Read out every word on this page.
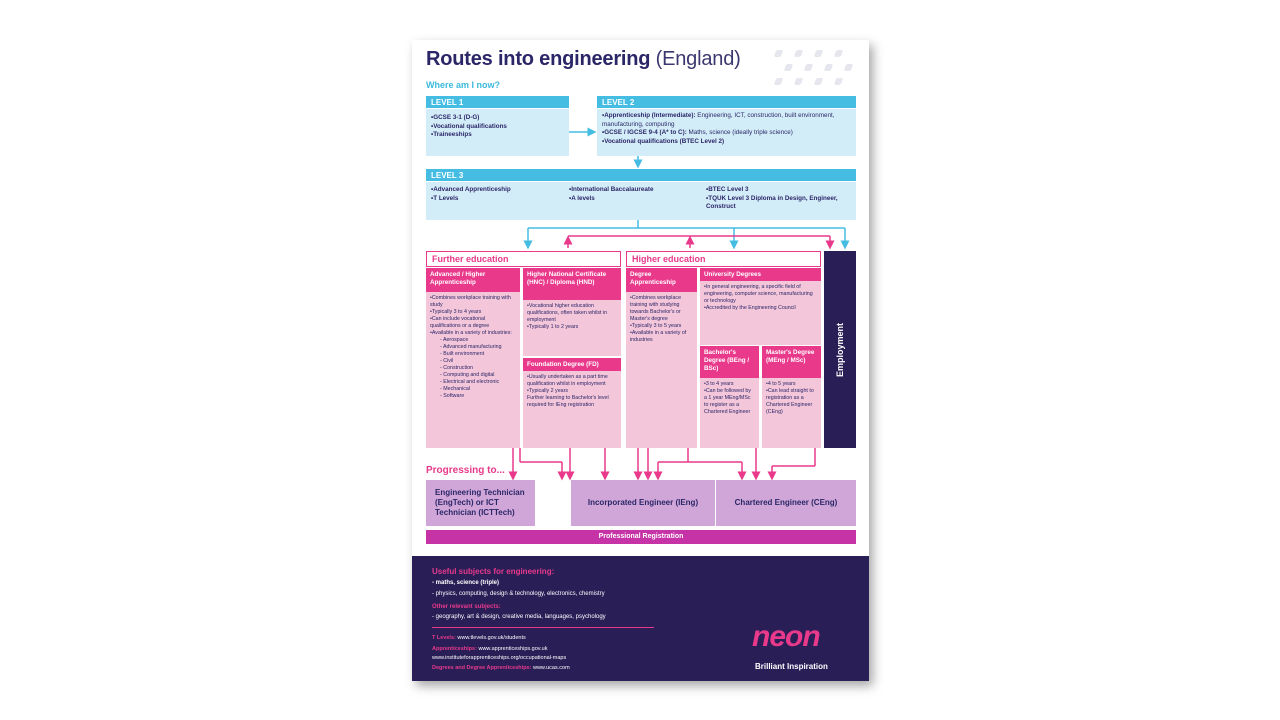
Routes into engineering (England)
Where am I now?
LEVEL 1
• GCSE 3-1 (D-G)
• Vocational qualifications
• Traineeships
LEVEL 2
• Apprenticeship (Intermediate): Engineering, ICT, construction, built environment, manufacturing, computing
• GCSE / IGCSE 9-4 (A* to C): Maths, science (ideally triple science)
• Vocational qualifications (BTEC Level 2)
LEVEL 3
• Advanced Apprenticeship
• T Levels
• International Baccalaureate
• A levels
• BTEC Level 3
• TQUK Level 3 Diploma in Design, Engineer, Construct
Further education
Advanced / Higher Apprenticeship
• Combines workplace training with study
• Typically 3 to 4 years
• Can include vocational qualifications or a degree
• Available in a variety of industries:
- Aerospace
- Advanced manufacturing
- Built environment
- Civil
- Construction
- Computing and digital
- Electrical and electronic
- Mechanical
- Software
Higher National Certificate (HNC) / Diploma (HND)
• Vocational higher education qualifications, often taken whilst in employment
• Typically 1 to 2 years
Foundation Degree (FD)
• Usually undertaken as a part time qualification whilst in employment
• Typically 2 years
Further learning to Bachelor's level required for IEng registration
Higher education
Degree Apprenticeship
• Combines workplace training with studying towards Bachelor's or Master's degree
• Typically 3 to 5 years
• Available in a variety of industries
University Degrees
• In general engineering, a specific field of engineering, computer science, manufacturing or technology
• Accredited by the Engineering Council
Bachelor's Degree (BEng / BSc)
• 3 to 4 years
• Can be followed by a 1 year MEng/MSc to register as a Chartered Engineer
Master's Degree (MEng / MSc)
• 4 to 5 years
• Can lead straight to registration as a Chartered Engineer (CEng)
Employment
Progressing to...
Engineering Technician (EngTech) or ICT Technician (ICTTech)
Incorporated Engineer (IEng)	Chartered Engineer (CEng)
Professional Registration
Useful subjects for engineering:
- maths, science (triple)
- physics, computing, design & technology, electronics, chemistry
Other relevant subjects:
- geography, art & design, creative media, languages, psychology
T Levels: www.tlevels.gov.uk/students
Apprenticeships: www.apprenticeships.gov.uk
www.instituteforapprenticeships.org/occupational-maps
Degrees and Degree Apprenticeships: www.ucas.com
neon
Brilliant Inspiration
